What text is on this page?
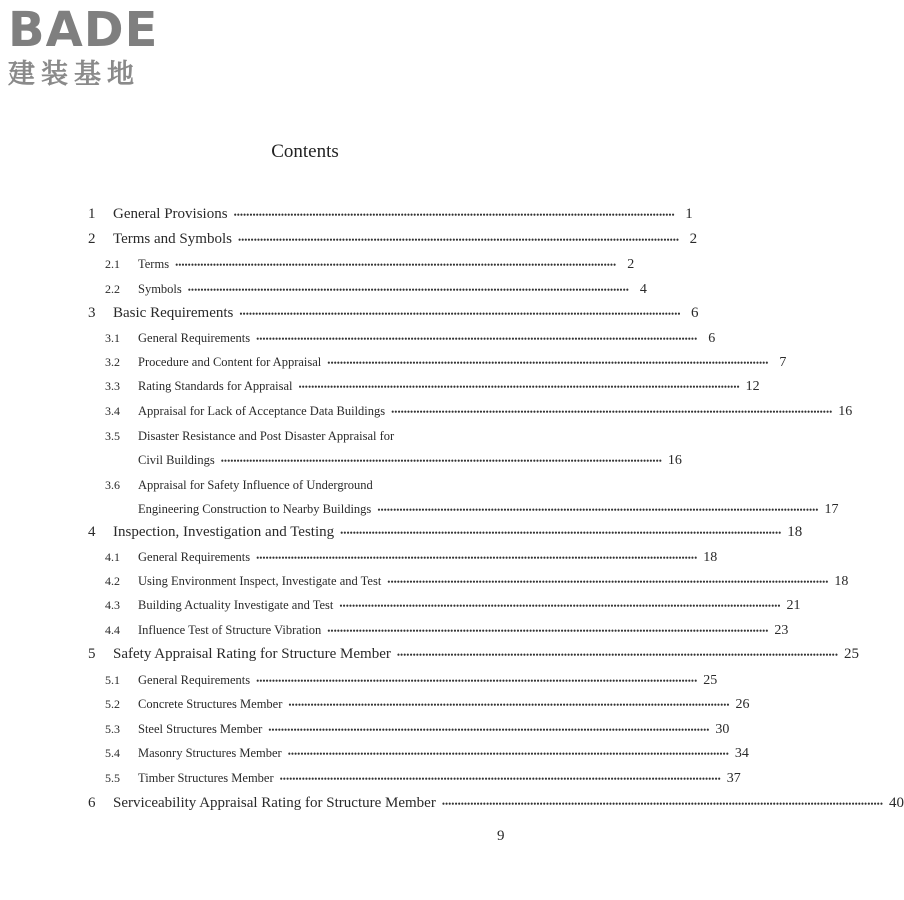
BADE
建装基地
Contents
1	General Provisions •••••••••••••••••••••••••••••••••••••••••••••••••••••••••••••••••••••••••••••••••••••••••••••••••••••••••••••••••••••••••••••••••••••••••••• 1
2	Terms and Symbols •••••••••••••••••••••••••••••••••••••••••••••••••••••••••••••••••••••••••••••••••••••••••••••••••••••••••••••••••••••••••••••••••••••••••••• 2
2.1	Terms •••••••••••••••••••••••••••••••••••••••••••••••••••••••••••••••••••••••••••••••••••••••••••••••••••••••••••••••••••••••••••••••••••••••••••• 2
2.2	Symbols •••••••••••••••••••••••••••••••••••••••••••••••••••••••••••••••••••••••••••••••••••••••••••••••••••••••••••••••••••••••••••••••••••••••••••• 4
3	Basic Requirements •••••••••••••••••••••••••••••••••••••••••••••••••••••••••••••••••••••••••••••••••••••••••••••••••••••••••••••••••••••••••••••••••••••••••••• 6
3.1	General Requirements •••••••••••••••••••••••••••••••••••••••••••••••••••••••••••••••••••••••••••••••••••••••••••••••••••••••••••••••••••••••••••••••••••••••••••• 6
3.2	Procedure and Content for Appraisal •••••••••••••••••••••••••••••••••••••••••••••••••••••••••••••••••••••••••••••••••••••••••••••••••••••••••••••••••••••••••••••••••••••••••••• 7
3.3	Rating Standards for Appraisal •••••••••••••••••••••••••••••••••••••••••••••••••••••••••••••••••••••••••••••••••••••••••••••••••••••••••••••••••••••••••••••••••••••••••••• 12
3.4	Appraisal for Lack of Acceptance Data Buildings •••••••••••••••••••••••••••••••••••••••••••••••••••••••••••••••••••••••••••••••••••••••••••••••••••••••••••••••••••••••••••••••••••••••••••• 16
3.5	Disaster Resistance and Post Disaster Appraisal for
Civil Buildings •••••••••••••••••••••••••••••••••••••••••••••••••••••••••••••••••••••••••••••••••••••••••••••••••••••••••••••••••••••••••••••••••••••••••••• 16
3.6	Appraisal for Safety Influence of Underground
Engineering Construction to Nearby Buildings •••••••••••••••••••••••••••••••••••••••••••••••••••••••••••••••••••••••••••••••••••••••••••••••••••••••••••••••••••••••••••••••••••••••••••• 17
4	Inspection, Investigation and Testing •••••••••••••••••••••••••••••••••••••••••••••••••••••••••••••••••••••••••••••••••••••••••••••••••••••••••••••••••••••••••••••••••••••••••••• 18
4.1	General Requirements •••••••••••••••••••••••••••••••••••••••••••••••••••••••••••••••••••••••••••••••••••••••••••••••••••••••••••••••••••••••••••••••••••••••••••• 18
4.2	Using Environment Inspect, Investigate and Test •••••••••••••••••••••••••••••••••••••••••••••••••••••••••••••••••••••••••••••••••••••••••••••••••••••••••••••••••••••••••••••••••••••••••••• 18
4.3	Building Actuality Investigate and Test •••••••••••••••••••••••••••••••••••••••••••••••••••••••••••••••••••••••••••••••••••••••••••••••••••••••••••••••••••••••••••••••••••••••••••• 21
4.4	Influence Test of Structure Vibration •••••••••••••••••••••••••••••••••••••••••••••••••••••••••••••••••••••••••••••••••••••••••••••••••••••••••••••••••••••••••••••••••••••••••••• 23
5	Safety Appraisal Rating for Structure Member •••••••••••••••••••••••••••••••••••••••••••••••••••••••••••••••••••••••••••••••••••••••••••••••••••••••••••••••••••••••••••••••••••••••••••• 25
5.1	General Requirements •••••••••••••••••••••••••••••••••••••••••••••••••••••••••••••••••••••••••••••••••••••••••••••••••••••••••••••••••••••••••••••••••••••••••••• 25
5.2	Concrete Structures Member •••••••••••••••••••••••••••••••••••••••••••••••••••••••••••••••••••••••••••••••••••••••••••••••••••••••••••••••••••••••••••••••••••••••••••• 26
5.3	Steel Structures Member •••••••••••••••••••••••••••••••••••••••••••••••••••••••••••••••••••••••••••••••••••••••••••••••••••••••••••••••••••••••••••••••••••••••••••• 30
5.4	Masonry Structures Member •••••••••••••••••••••••••••••••••••••••••••••••••••••••••••••••••••••••••••••••••••••••••••••••••••••••••••••••••••••••••••••••••••••••••••• 34
5.5	Timber Structures Member •••••••••••••••••••••••••••••••••••••••••••••••••••••••••••••••••••••••••••••••••••••••••••••••••••••••••••••••••••••••••••••••••••••••••••• 37
6	Serviceability Appraisal Rating for Structure Member •••••••••••••••••••••••••••••••••••••••••••••••••••••••••••••••••••••••••••••••••••••••••••••••••••••••••••••••••••••••••••••••••••••••••••• 40
9
